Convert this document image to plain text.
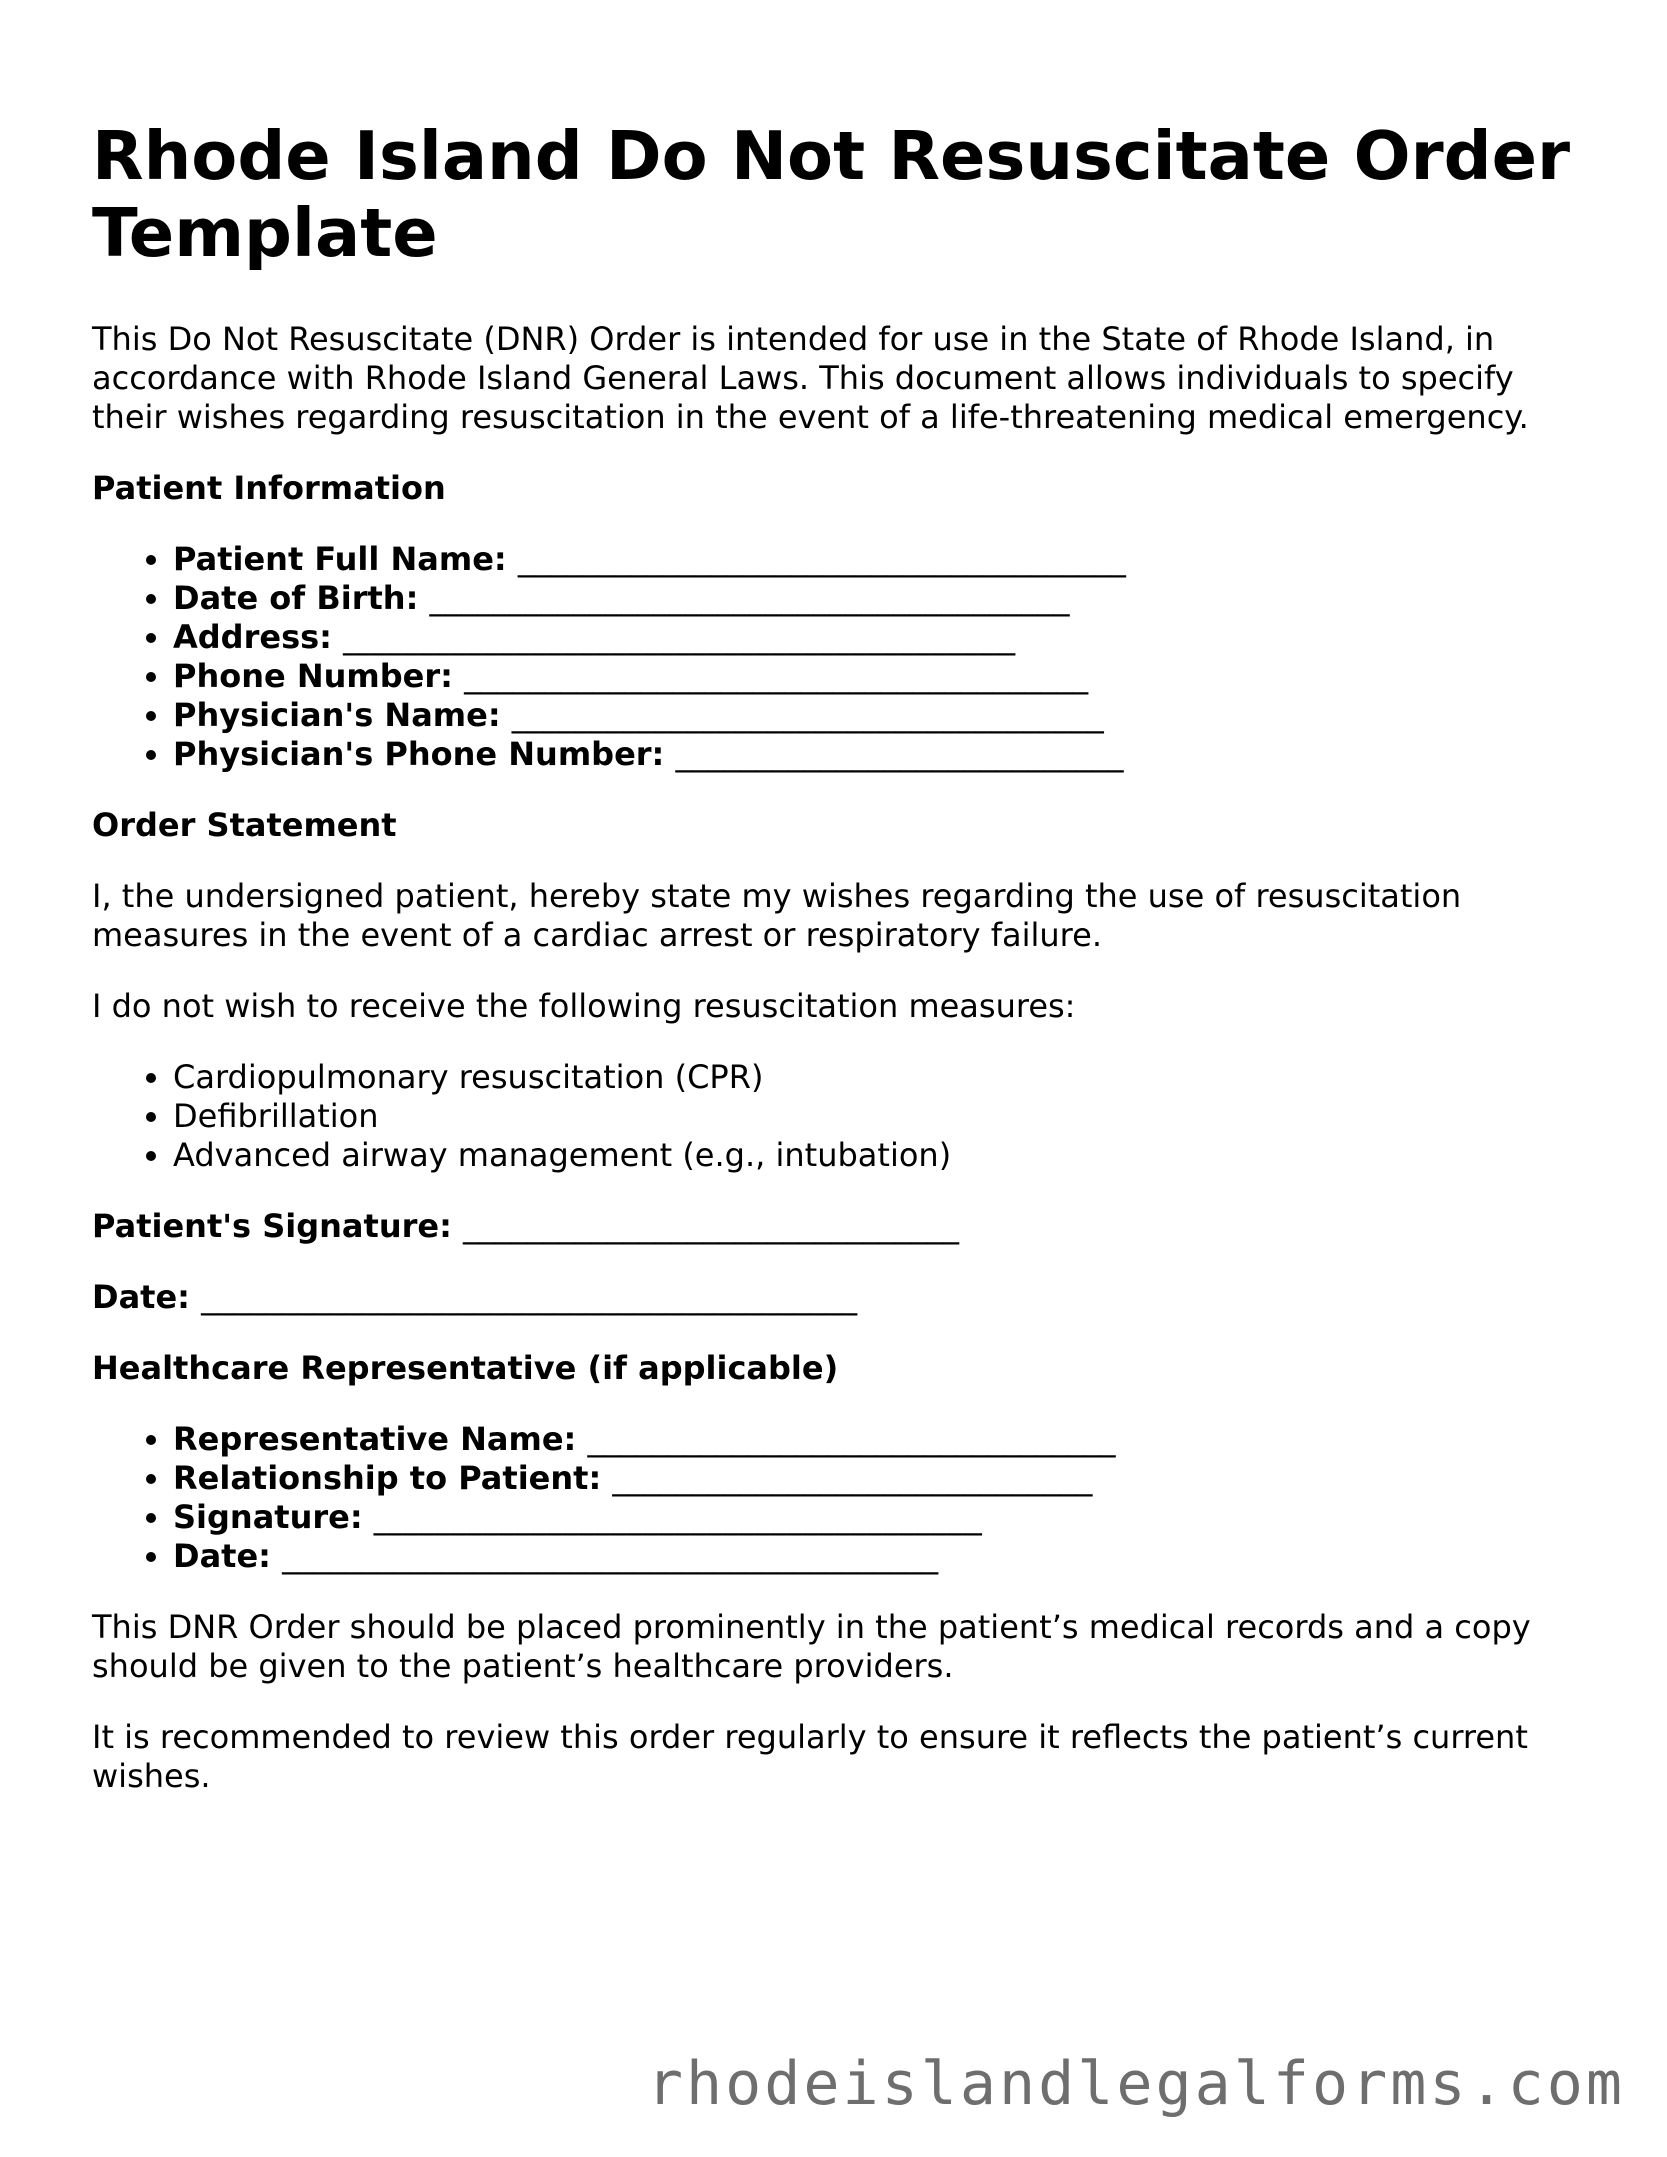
Rhode Island Do Not Resuscitate Order Template

This Do Not Resuscitate (DNR) Order is intended for use in the State of Rhode Island, in accordance with Rhode Island General Laws. This document allows individuals to specify their wishes regarding resuscitation in the event of a life-threatening medical emergency.

Patient Information
• Patient Full Name: ______________________________________
• Date of Birth: ________________________________________
• Address: __________________________________________
• Phone Number: _______________________________________
• Physician's Name: _____________________________________
• Physician's Phone Number: ____________________________
Order Statement

I, the undersigned patient, hereby state my wishes regarding the use of resuscitation measures in the event of a cardiac arrest or respiratory failure.

I do not wish to receive the following resuscitation measures:

• Cardiopulmonary resuscitation (CPR)
• Defibrillation
• Advanced airway management (e.g., intubation)
Patient's Signature: _______________________________
Date: _________________________________________
Healthcare Representative (if applicable)
• Representative Name: _________________________________
• Relationship to Patient: ______________________________
• Signature: ______________________________________
• Date: _________________________________________

This DNR Order should be placed prominently in the patient’s medical records and a copy should be given to the patient’s healthcare providers.

It is recommended to review this order regularly to ensure it reflects the patient’s current wishes.

rhodeislandlegalforms.com
